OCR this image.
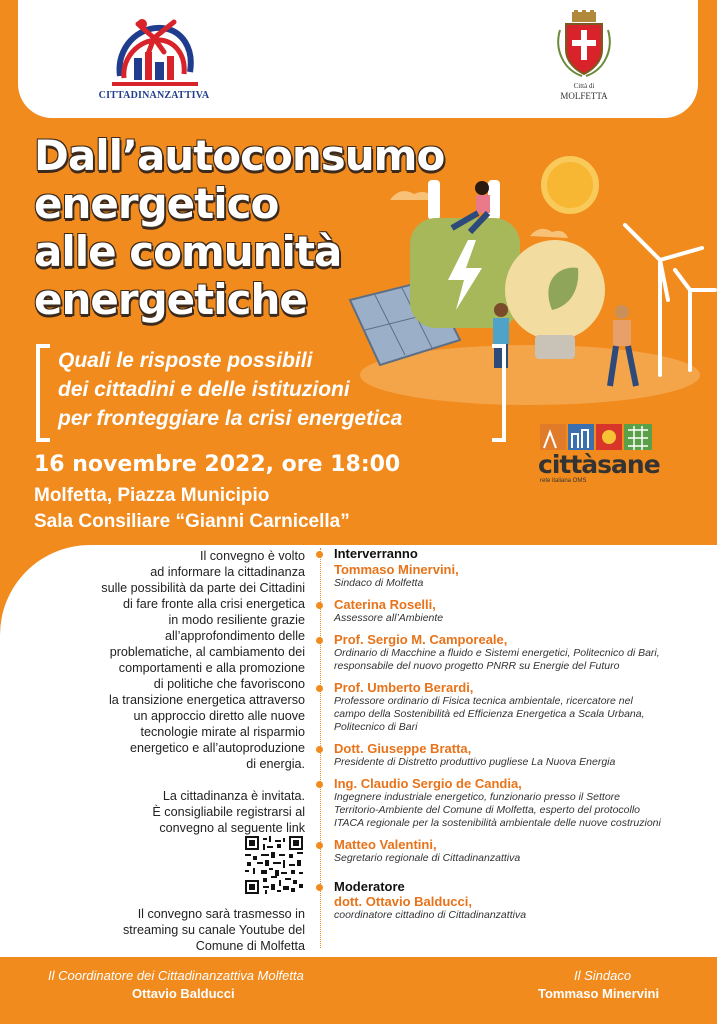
CITTADINANZATTIVA
Città di
MOLFETTA
Dall’autoconsumo
energetico
alle comunità
energetiche
Quali le risposte possibili
dei cittadini e delle istituzioni
per fronteggiare la crisi energetica
16 novembre 2022, ore 18:00
Molfetta, Piazza Municipio
Sala Consiliare “Gianni Carnicella”
cittàsane
rete italiana OMS

Il convegno è volto

ad informare la cittadinanza

sulle possibilità da parte dei Cittadini

di fare fronte alla crisi energetica

in modo resiliente grazie

all’approfondimento delle

problematiche, al cambiamento dei

comportamenti e alla promozione

di politiche che favoriscono

la transizione energetica attraverso

un approccio diretto alle nuove

tecnologie mirate al risparmio

energetico e all’autoproduzione

di energia.

La cittadinanza è invitata.

È consigliabile registrarsi al

convegno al seguente link

Il convegno sarà trasmesso in
streaming su canale Youtube del
Comune di Molfetta
Interverranno
Tommaso Minervini,
Sindaco di Molfetta
Caterina Roselli,
Assessore all’Ambiente
Prof. Sergio M. Camporeale,
Ordinario di Macchine a fluido e Sistemi energetici, Politecnico di Bari,
responsabile del nuovo progetto PNRR su Energie del Futuro
Prof. Umberto Berardi,
Professore ordinario di Fisica tecnica ambientale, ricercatore nel
campo della Sostenibilità ed Efficienza Energetica a Scala Urbana,
Politecnico di Bari
Dott. Giuseppe Bratta,
Presidente di Distretto produttivo pugliese La Nuova Energia
Ing. Claudio Sergio de Candia,
Ingegnere industriale energetico, funzionario presso il Settore
Territorio-Ambiente del Comune di Molfetta, esperto del protocollo
ITACA regionale per la sostenibilità ambientale delle nuove costruzioni
Matteo Valentini,
Segretario regionale di Cittadinanzattiva
Moderatore
dott. Ottavio Balducci,
coordinatore cittadino di Cittadinanzattiva
Il Coordinatore dei Cittadinanzattiva Molfetta
Ottavio Balducci
Il Sindaco
Tommaso Minervini
